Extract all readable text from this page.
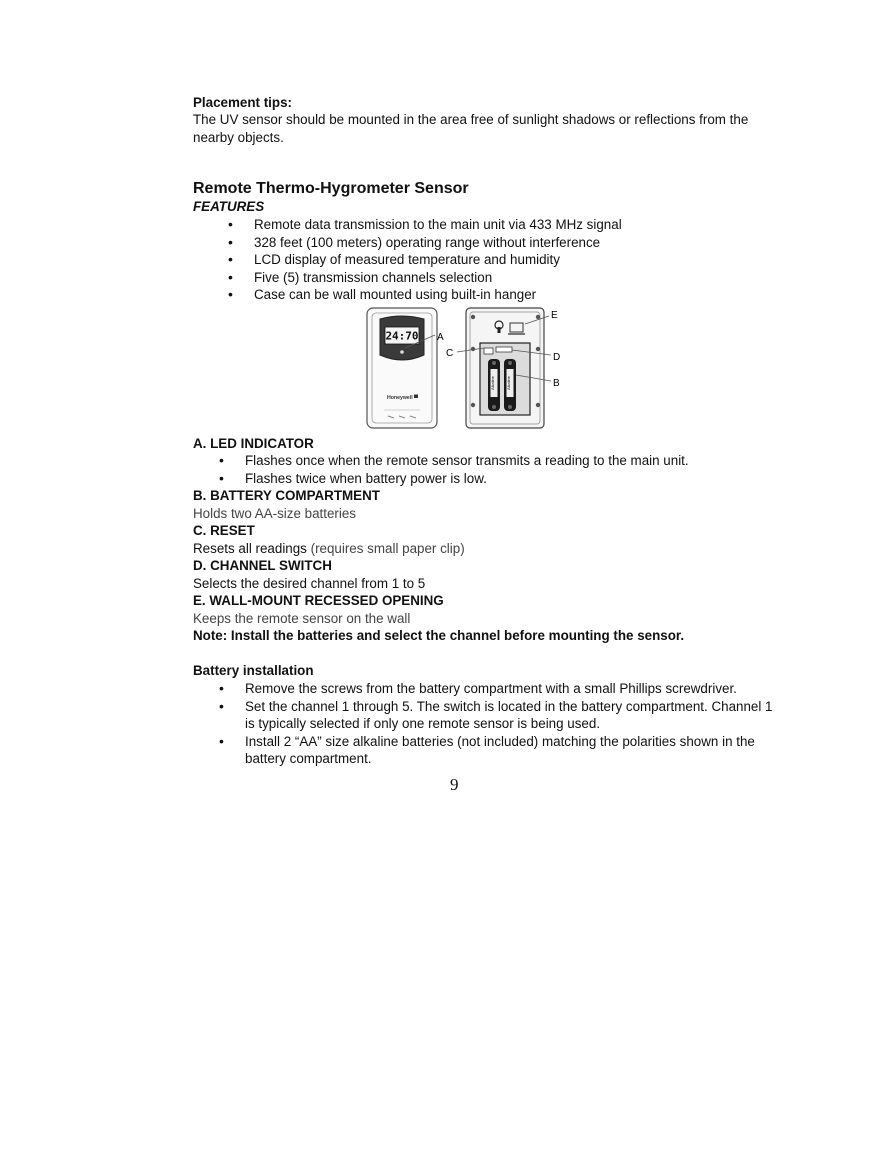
Placement tips:
The UV sensor should be mounted in the area free of sunlight shadows or reflections from the
nearby objects.
Remote Thermo-Hygrometer Sensor
FEATURES
• Remote data transmission to the main unit via 433 MHz signal
• 328 feet (100 meters) operating range without interference
• LCD display of measured temperature and humidity
• Five (5) transmission channels selection
• Case can be wall mounted using built-in hanger
24:70
Honeywell
A
Alkaline	Alkaline
E
C	D
B
A. LED INDICATOR
• Flashes once when the remote sensor transmits a reading to the main unit.
• Flashes twice when battery power is low.
B. BATTERY COMPARTMENT
Holds two AA-size batteries
C. RESET
Resets all readings (requires small paper clip)
D. CHANNEL SWITCH
Selects the desired channel from 1 to 5
E. WALL-MOUNT RECESSED OPENING
Keeps the remote sensor on the wall
Note: Install the batteries and select the channel before mounting the sensor.
Battery installation
• Remove the screws from the battery compartment with a small Phillips screwdriver.
• Set the channel 1 through 5. The switch is located in the battery compartment. Channel 1
is typically selected if only one remote sensor is being used.
• Install 2 “AA” size alkaline batteries (not included) matching the polarities shown in the
battery compartment.
9
